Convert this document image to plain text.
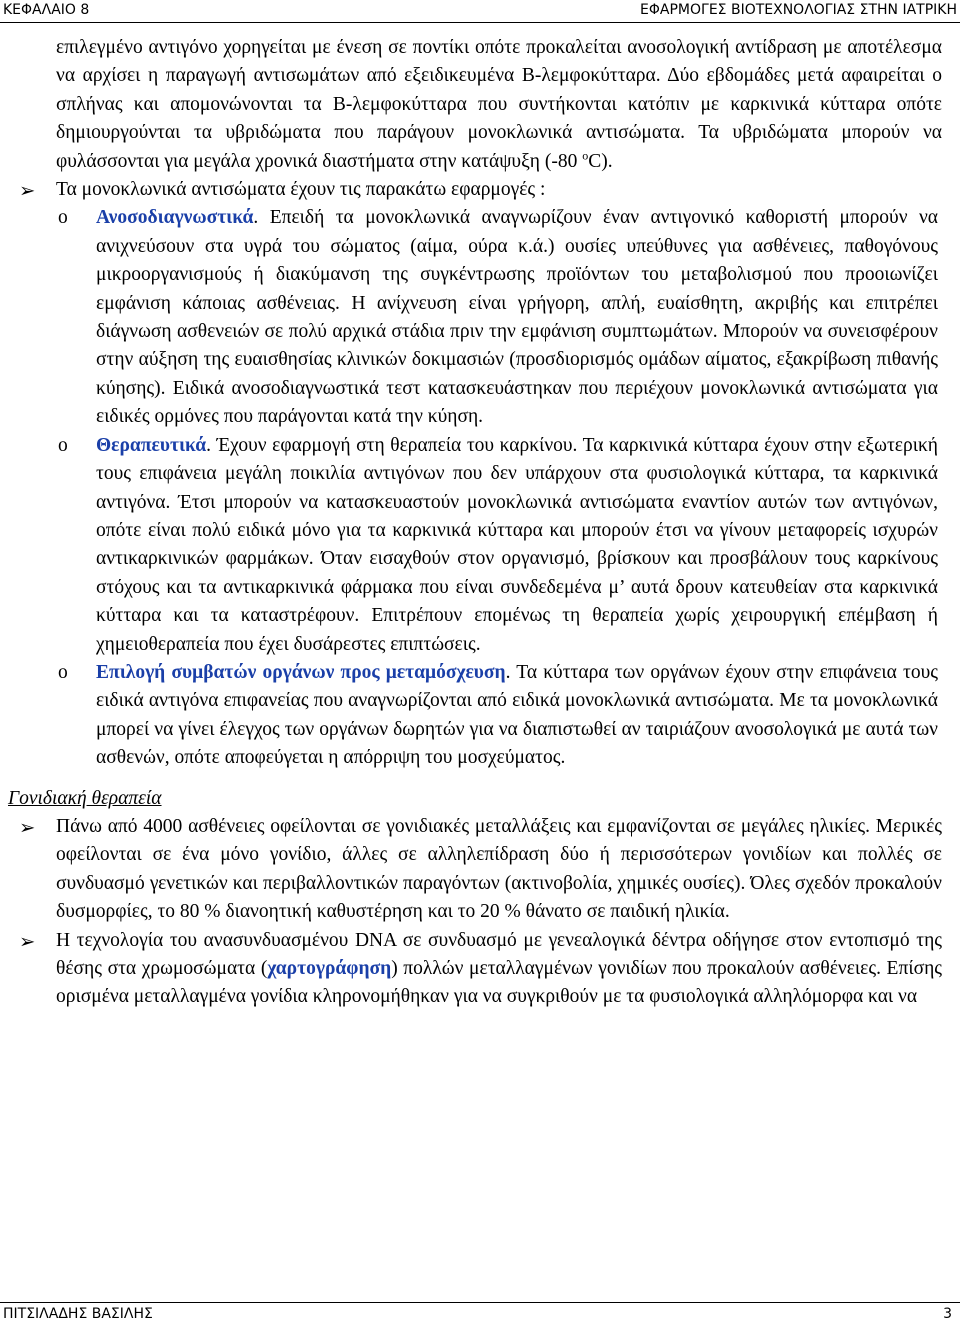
ΚΕΦΑΛΑΙΟ 8	ΕΦΑΡΜΟΓΕΣ ΒΙΟΤΕΧΝΟΛΟΓΙΑΣ ΣΤΗΝ ΙΑΤΡΙΚΗ
επιλεγμένο αντιγόνο χορηγείται με ένεση σε ποντίκι οπότε προκαλείται ανοσολογική αντίδραση με αποτέλεσμα να αρχίσει η παραγωγή αντισωμάτων από εξειδικευμένα Β-λεμφοκύτταρα. Δύο εβδομάδες μετά αφαιρείται ο σπλήνας και απομονώνονται τα Β-λεμφοκύτταρα που συντήκονται κατόπιν με καρκινικά κύτταρα οπότε δημιουργούνται τα υβριδώματα που παράγουν μονοκλωνικά αντισώματα. Τα υβριδώματα μπορούν να φυλάσσονται για μεγάλα χρονικά διαστήματα στην κατάψυξη (-80 $^o$C).
➢ Τα μονοκλωνικά αντισώματα έχουν τις παρακάτω εφαρμογές :
o Ανοσοδιαγνωστικά. Επειδή τα μονοκλωνικά αναγνωρίζουν έναν αντιγονικό καθοριστή μπορούν να ανιχνεύσουν στα υγρά του σώματος (αίμα, ούρα κ.ά.) ουσίες υπεύθυνες για ασθένειες, παθογόνους μικροοργανισμούς ή διακύμανση της συγκέντρωσης προϊόντων του μεταβολισμού που προοιωνίζει εμφάνιση κάποιας ασθένειας. Η ανίχνευση είναι γρήγορη, απλή, ευαίσθητη, ακριβής και επιτρέπει διάγνωση ασθενειών σε πολύ αρχικά στάδια πριν την εμφάνιση συμπτωμάτων. Μπορούν να συνεισφέρουν στην αύξηση της ευαισθησίας κλινικών δοκιμασιών (προσδιορισμός ομάδων αίματος, εξακρίβωση πιθανής κύησης). Ειδικά ανοσοδιαγνωστικά τεστ κατασκευάστηκαν που περιέχουν μονοκλωνικά αντισώματα για ειδικές ορμόνες που παράγονται κατά την κύηση.
o Θεραπευτικά. Έχουν εφαρμογή στη θεραπεία του καρκίνου. Τα καρκινικά κύτταρα έχουν στην εξωτερική τους επιφάνεια μεγάλη ποικιλία αντιγόνων που δεν υπάρχουν στα φυσιολογικά κύτταρα, τα καρκινικά αντιγόνα. Έτσι μπορούν να κατασκευαστούν μονοκλωνικά αντισώματα εναντίον αυτών των αντιγόνων, οπότε είναι πολύ ειδικά μόνο για τα καρκινικά κύτταρα και μπορούν έτσι να γίνουν μεταφορείς ισχυρών αντικαρκινικών φαρμάκων. Όταν εισαχθούν στον οργανισμό, βρίσκουν και προσβάλουν τους καρκίνους στόχους και τα αντικαρκινικά φάρμακα που είναι συνδεδεμένα μ’ αυτά δρουν κατευθείαν στα καρκινικά κύτταρα και τα καταστρέφουν. Επιτρέπουν επομένως τη θεραπεία χωρίς χειρουργική επέμβαση ή χημειοθεραπεία που έχει δυσάρεστες επιπτώσεις.
o Επιλογή συμβατών οργάνων προς μεταμόσχευση. Τα κύτταρα των οργάνων έχουν στην επιφάνεια τους ειδικά αντιγόνα επιφανείας που αναγνωρίζονται από ειδικά μονοκλωνικά αντισώματα. Με τα μονοκλωνικά μπορεί να γίνει έλεγχος των οργάνων δωρητών για να διαπιστωθεί αν ταιριάζουν ανοσολογικά με αυτά των ασθενών, οπότε αποφεύγεται η απόρριψη του μοσχεύματος.
Γονιδιακή θεραπεία
➢ Πάνω από 4000 ασθένειες οφείλονται σε γονιδιακές μεταλλάξεις και εμφανίζονται σε μεγάλες ηλικίες. Μερικές οφείλονται σε ένα μόνο γονίδιο, άλλες σε αλληλεπίδραση δύο ή περισσότερων γονιδίων και πολλές σε συνδυασμό γενετικών και περιβαλλοντικών παραγόντων (ακτινοβολία, χημικές ουσίες). Όλες σχεδόν προκαλούν δυσμορφίες, το 80 % διανοητική καθυστέρηση και το 20 % θάνατο σε παιδική ηλικία.
➢ Η τεχνολογία του ανασυνδυασμένου DNA σε συνδυασμό με γενεαλογικά δέντρα οδήγησε στον εντοπισμό της θέσης στα χρωμοσώματα (χαρτογράφηση) πολλών μεταλλαγμένων γονιδίων που προκαλούν ασθένειες. Επίσης ορισμένα μεταλλαγμένα γονίδια κληρονομήθηκαν για να συγκριθούν με τα φυσιολογικά αλληλόμορφα και να
ΠΙΤΣΙΛΑΔΗΣ ΒΑΣΙΛΗΣ	3
